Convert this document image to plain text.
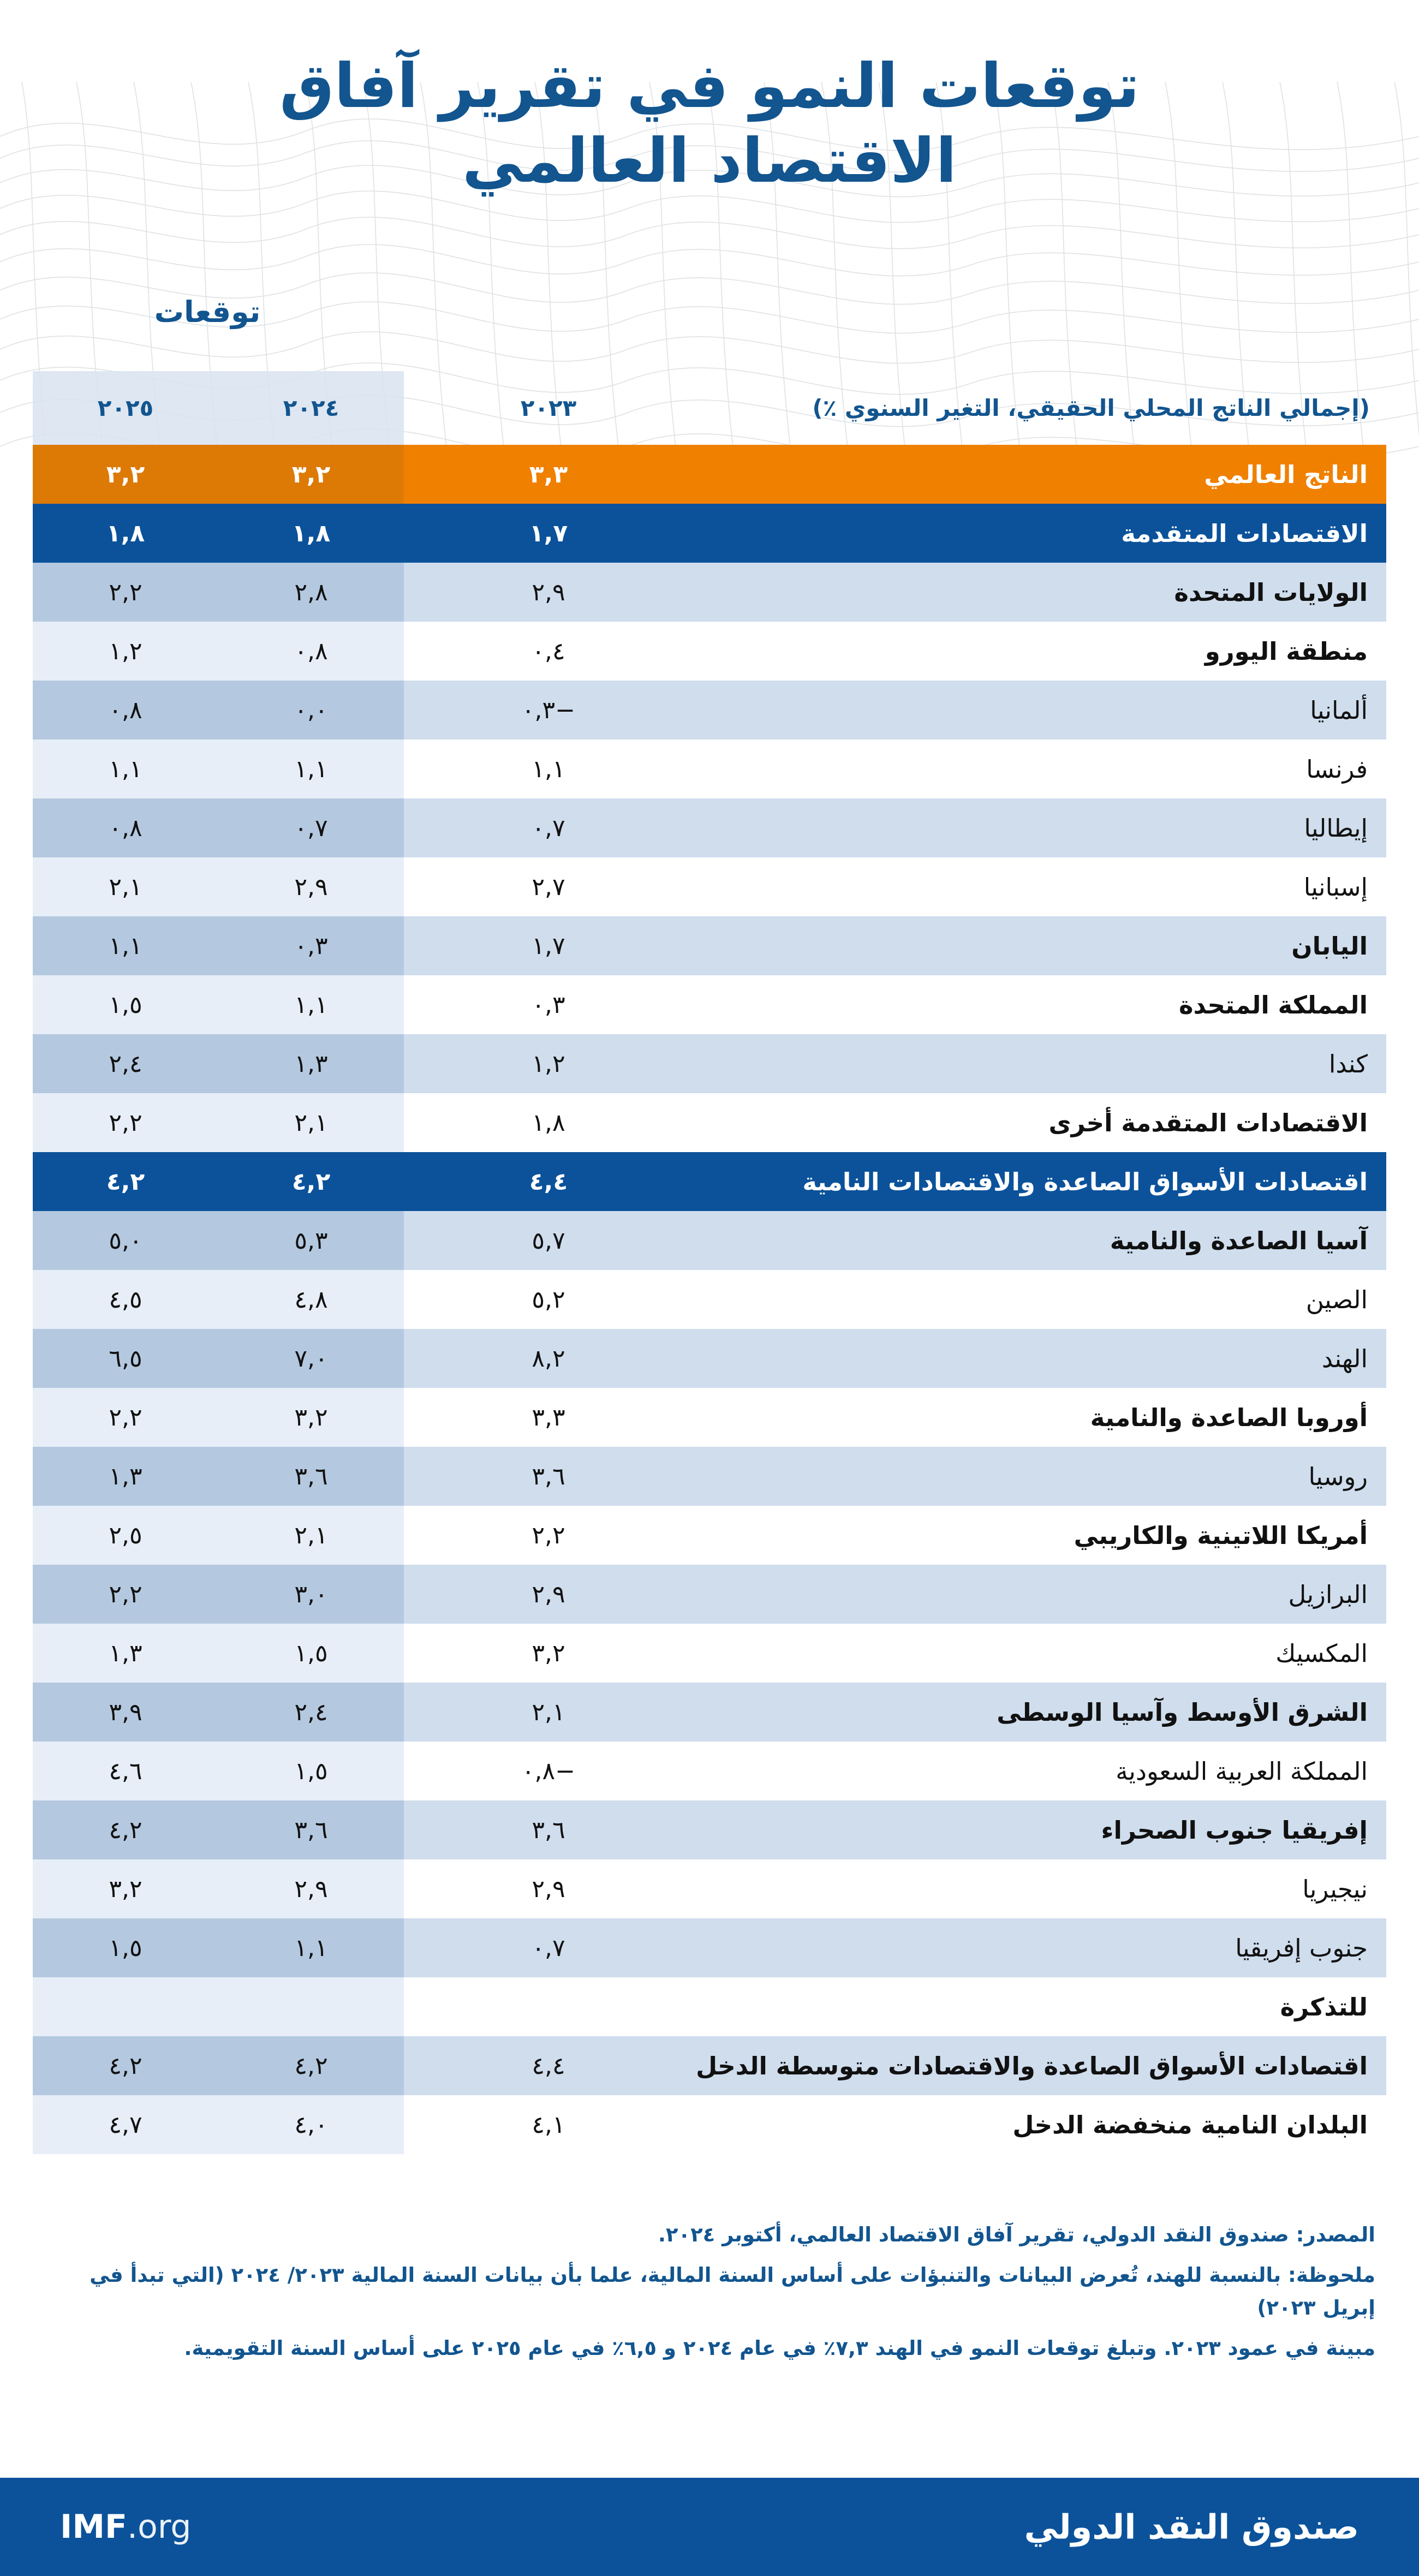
توقعات النمو في تقرير آفاق الاقتصاد العالمي
توقعات
(إجمالي الناتج المحلي الحقيقي، التغير السنوي ٪)	٢٠٢٣	٢٠٢٤	٢٠٢٥
الناتج العالمي	٣,٣	٣,٢	٣,٢
الاقتصادات المتقدمة	١,٧	١,٨	١,٨
الولايات المتحدة	٢,٩	٢,٨	٢,٢
منطقة اليورو	٠,٤	٠,٨	١,٢
ألمانيا	−٠,٣	٠,٠	٠,٨
فرنسا	١,١	١,١	١,١
إيطاليا	٠,٧	٠,٧	٠,٨
إسبانيا	٢,٧	٢,٩	٢,١
اليابان	١,٧	٠,٣	١,١
المملكة المتحدة	٠,٣	١,١	١,٥
كندا	١,٢	١,٣	٢,٤
الاقتصادات المتقدمة أخرى	١,٨	٢,١	٢,٢
اقتصادات الأسواق الصاعدة والاقتصادات النامية	٤,٤	٤,٢	٤,٢
آسيا الصاعدة والنامية	٥,٧	٥,٣	٥,٠
الصين	٥,٢	٤,٨	٤,٥
الهند	٨,٢	٧,٠	٦,٥
أوروبا الصاعدة والنامية	٣,٣	٣,٢	٢,٢
روسيا	٣,٦	٣,٦	١,٣
أمريكا اللاتينية والكاريبي	٢,٢	٢,١	٢,٥
البرازيل	٢,٩	٣,٠	٢,٢
المكسيك	٣,٢	١,٥	١,٣
الشرق الأوسط وآسيا الوسطى	٢,١	٢,٤	٣,٩
المملكة العربية السعودية	−٠,٨	١,٥	٤,٦
إفريقيا جنوب الصحراء	٣,٦	٣,٦	٤,٢
نيجيريا	٢,٩	٢,٩	٣,٢
جنوب إفريقيا	٠,٧	١,١	١,٥
للتذكرة			
اقتصادات الأسواق الصاعدة والاقتصادات متوسطة الدخل	٤,٤	٤,٢	٤,٢
البلدان النامية منخفضة الدخل	٤,١	٤,٠	٤,٧

المصدر: صندوق النقد الدولي، تقرير آفاق الاقتصاد العالمي، أكتوبر ٢٠٢٤.

ملحوظة: بالنسبة للهند، تُعرض البيانات والتنبؤات على أساس السنة المالية، علما بأن بيانات السنة المالية ٢٠٢٣/ ٢٠٢٤ (التي تبدأ في إبريل ٢٠٢٣)

مبينة في عمود ٢٠٢٣. وتبلغ توقعات النمو في الهند ٧,٣٪ في عام ٢٠٢٤ و ٦,٥٪ في عام ٢٠٢٥ على أساس السنة التقويمية.

صندوق النقد الدولي
IMF.org
